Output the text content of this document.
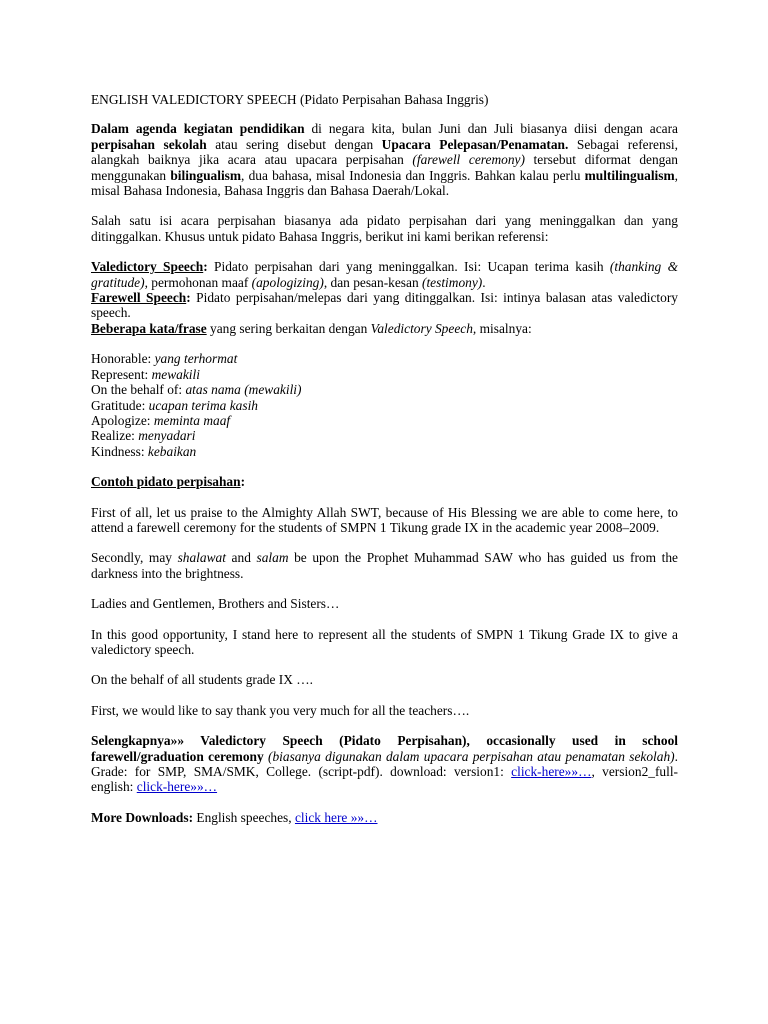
ENGLISH VALEDICTORY SPEECH (Pidato Perpisahan Bahasa Inggris)

Dalam agenda kegiatan pendidikan di negara kita, bulan Juni dan Juli biasanya diisi dengan acara perpisahan sekolah atau sering disebut dengan Upacara Pelepasan/Penamatan. Sebagai referensi, alangkah baiknya jika acara atau upacara perpisahan (farewell ceremony) tersebut diformat dengan menggunakan bilingualism, dua bahasa, misal Indonesia dan Inggris. Bahkan kalau perlu multilingualism, misal Bahasa Indonesia, Bahasa Inggris dan Bahasa Daerah/Lokal.

Salah satu isi acara perpisahan biasanya ada pidato perpisahan dari yang meninggalkan dan yang ditinggalkan. Khusus untuk pidato Bahasa Inggris, berikut ini kami berikan referensi:

Valedictory Speech: Pidato perpisahan dari yang meninggalkan. Isi: Ucapan terima kasih (thanking & gratitude), permohonan maaf (apologizing), dan pesan-kesan (testimony).

Farewell Speech: Pidato perpisahan/melepas dari yang ditinggalkan. Isi: intinya balasan atas valedictory speech.

Beberapa kata/frase yang sering berkaitan dengan Valedictory Speech, misalnya:

Honorable: yang terhormat
Represent: mewakili
On the behalf of: atas nama (mewakili)
Gratitude: ucapan terima kasih
Apologize: meminta maaf
Realize: menyadari
Kindness: kebaikan

Contoh pidato perpisahan:

First of all, let us praise to the Almighty Allah SWT, because of His Blessing we are able to come here, to attend a farewell ceremony for the students of SMPN 1 Tikung grade IX in the academic year 2008–2009.

Secondly, may shalawat and salam be upon the Prophet Muhammad SAW who has guided us from the darkness into the brightness.

Ladies and Gentlemen, Brothers and Sisters…

In this good opportunity, I stand here to represent all the students of SMPN 1 Tikung Grade IX to give a valedictory speech.

On the behalf of all students grade IX ….

First, we would like to say thank you very much for all the teachers….

Selengkapnya»» Valedictory Speech (Pidato Perpisahan), occasionally used in school farewell/graduation ceremony (biasanya digunakan dalam upacara perpisahan atau penamatan sekolah). Grade: for SMP, SMA/SMK, College. (script-pdf). download: version1: click-here»»…, version2_full-english: click-here»»…

More Downloads: English speeches, click here »»…
